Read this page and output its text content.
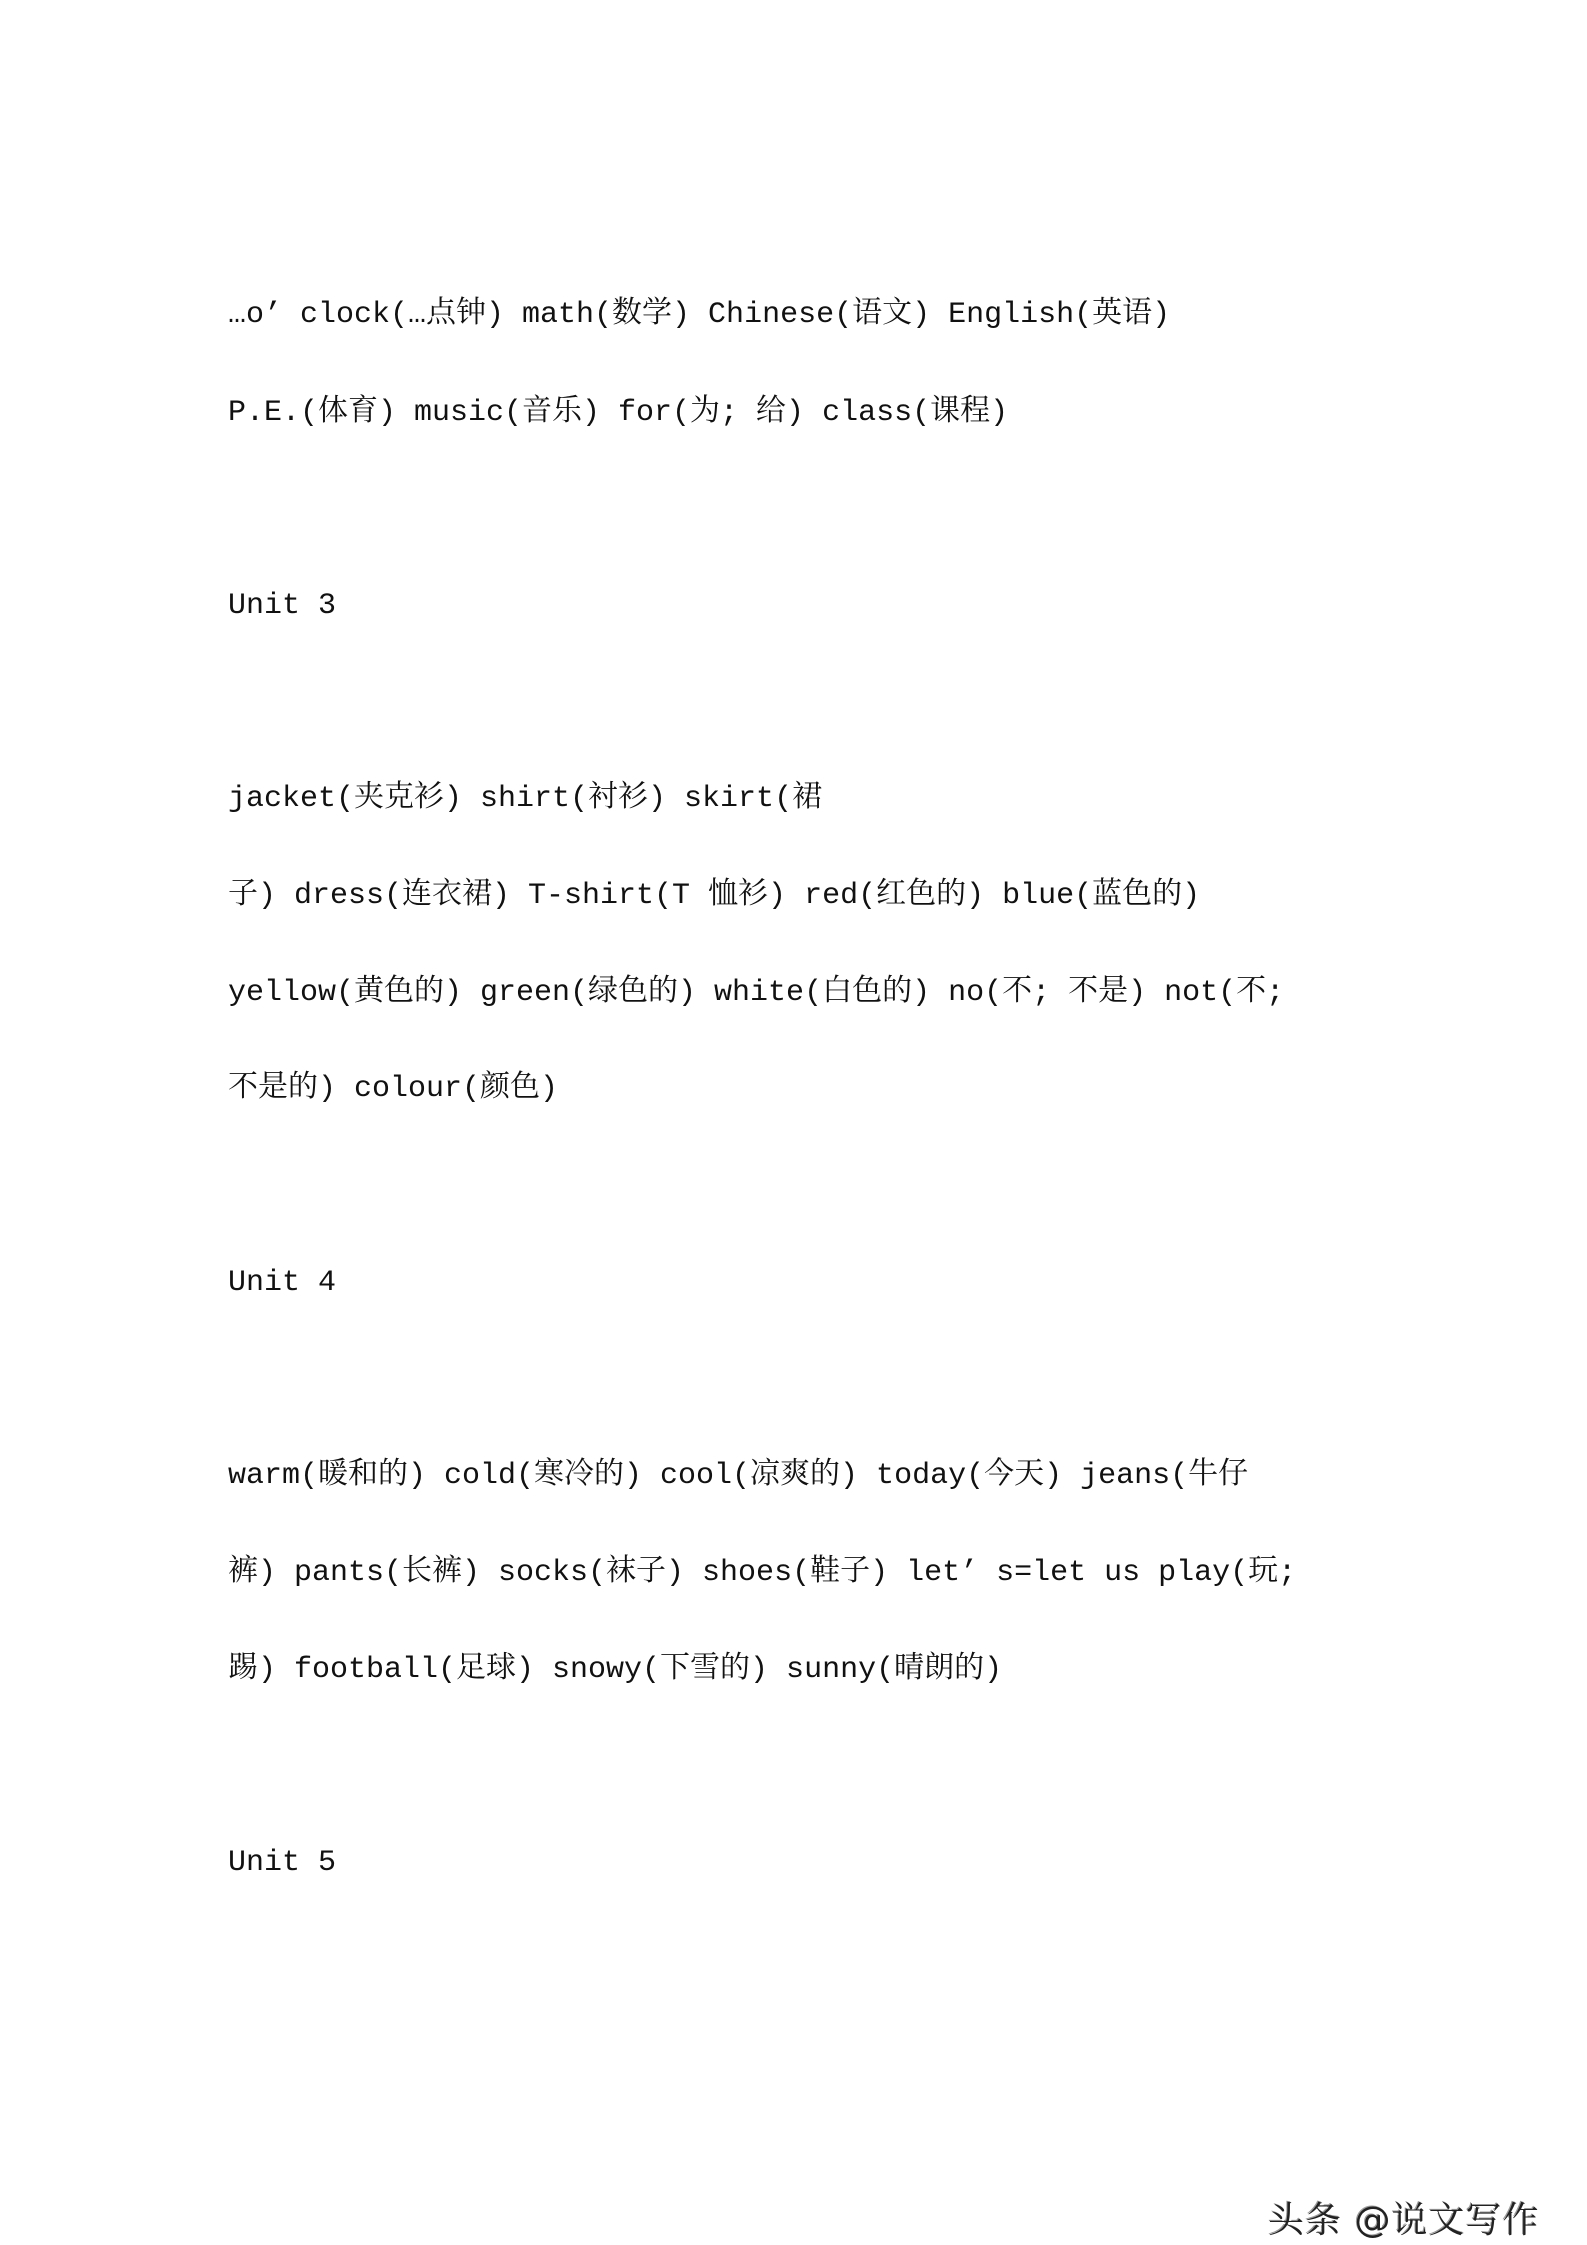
…o’ clock(…点钟) math(数学) Chinese(语文) English(英语)
P.E.(体育) music(音乐) for(为; 给) class(课程)
Unit 3
jacket(夹克衫) shirt(衬衫) skirt(裙
子) dress(连衣裙) T-shirt(T 恤衫) red(红色的) blue(蓝色的)
yellow(黄色的) green(绿色的) white(白色的) no(不; 不是) not(不;
不是的) colour(颜色)
Unit 4
warm(暖和的) cold(寒冷的) cool(凉爽的) today(今天) jeans(牛仔
裤) pants(长裤) socks(袜子) shoes(鞋子) let’ s=let us play(玩;
踢) football(足球) snowy(下雪的) sunny(晴朗的)
Unit 5
头条 @说文写作
